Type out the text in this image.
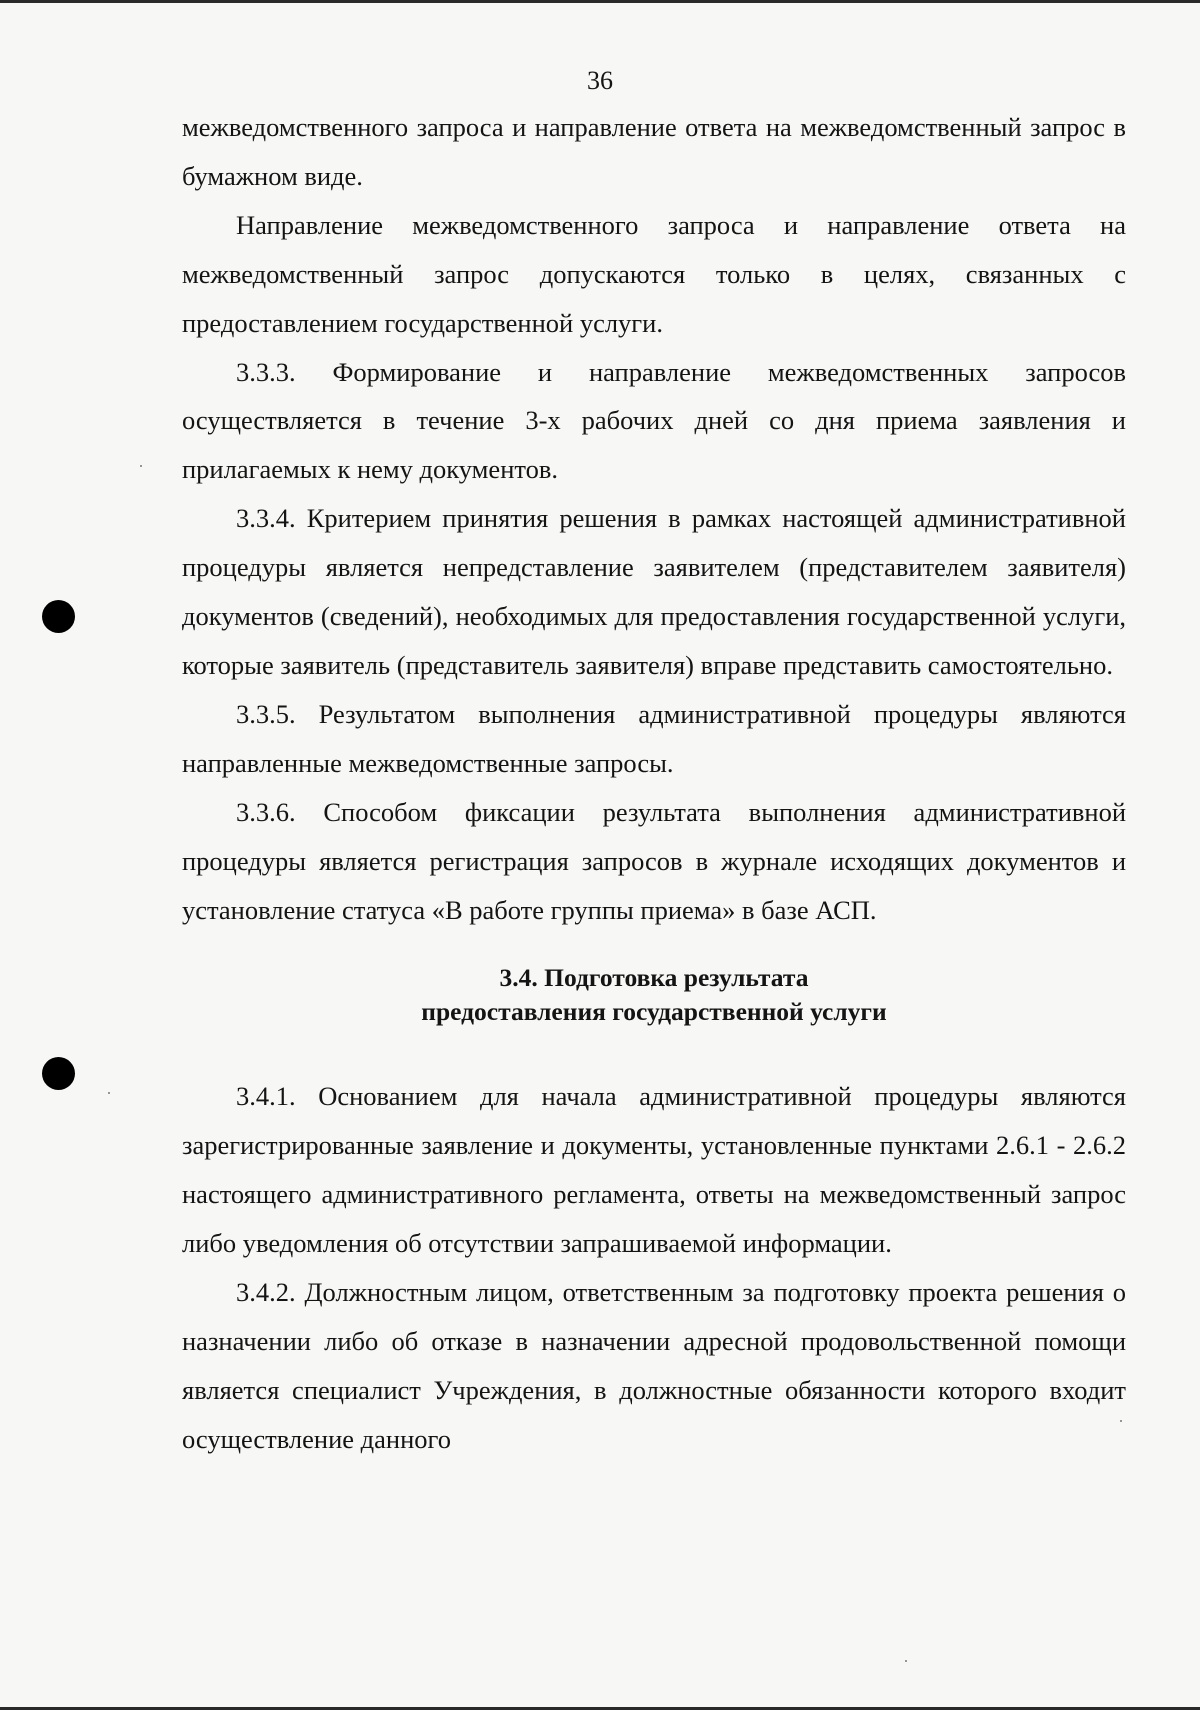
36

межведомственного запроса и направление ответа на межведомственный запрос в бумажном виде.

Направление межведомственного запроса и направление ответа на межведомственный запрос допускаются только в целях, связанных с предоставлением государственной услуги.

3.3.3. Формирование и направление межведомственных запросов осуществляется в течение 3-х рабочих дней со дня приема заявления и прилагаемых к нему документов.

3.3.4. Критерием принятия решения в рамках настоящей административной процедуры является непредставление заявителем (представителем заявителя) документов (сведений), необходимых для предоставления государственной услуги, которые заявитель (представитель заявителя) вправе представить самостоятельно.

3.3.5. Результатом выполнения административной процедуры являются направленные межведомственные запросы.

3.3.6. Способом фиксации результата выполнения административной процедуры является регистрация запросов в журнале исходящих документов и установление статуса «В работе группы приема» в базе АСП.

3.4. Подготовка результата
предоставления государственной услуги

3.4.1. Основанием для начала административной процедуры являются зарегистрированные заявление и документы, установленные пунктами 2.6.1 - 2.6.2 настоящего административного регламента, ответы на межведомственный запрос либо уведомления об отсутствии запрашиваемой информации.

3.4.2. Должностным лицом, ответственным за подготовку проекта решения о назначении либо об отказе в назначении адресной продовольственной помощи является специалист Учреждения, в должностные обязанности которого входит осуществление данного
